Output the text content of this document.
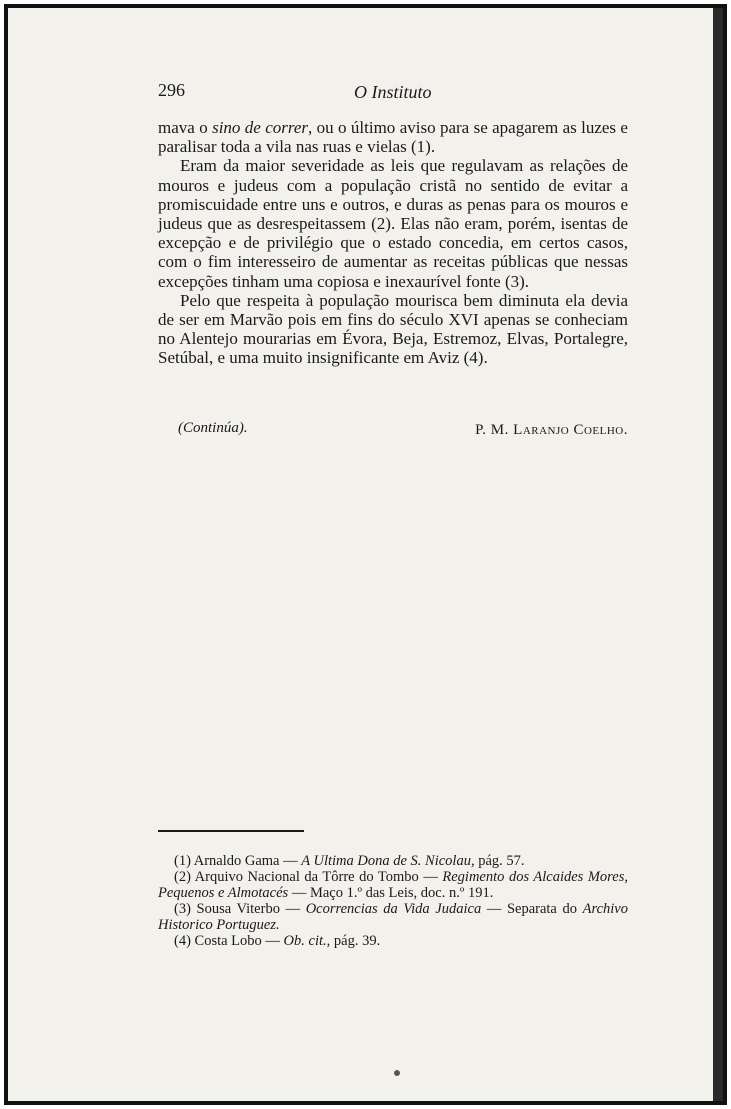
296	O Instituto

mava o sino de correr, ou o último aviso para se apagarem as luzes e paralisar toda a vila nas ruas e vielas (1).

Eram da maior severidade as leis que regulavam as relações de mouros e judeus com a população cristã no sentido de evitar a promiscuidade entre uns e outros, e duras as penas para os mouros e judeus que as desrespeitassem (2). Elas não eram, porém, isentas de excepção e de privilégio que o estado concedia, em certos casos, com o fim interesseiro de aumentar as receitas públicas que nessas excepções tinham uma copiosa e inexaurível fonte (3).

Pelo que respeita à população mourisca bem diminuta ela devia de ser em Marvão pois em fins do século XVI apenas se conheciam no Alentejo mourarias em Évora, Beja, Estremoz, Elvas, Portalegre, Setúbal, e uma muito insignificante em Aviz (4).

(Continúa).	P. M. Laranjo Coelho.

(1) Arnaldo Gama — A Ultima Dona de S. Nicolau, pág. 57.

(2) Arquivo Nacional da Tôrre do Tombo — Regimento dos Alcaides Mores, Pequenos e Almotacés — Maço 1.º das Leis, doc. n.º 191.

(3) Sousa Viterbo — Ocorrencias da Vida Judaica — Separata do Archivo Historico Portuguez.

(4) Costa Lobo — Ob. cit., pág. 39.
